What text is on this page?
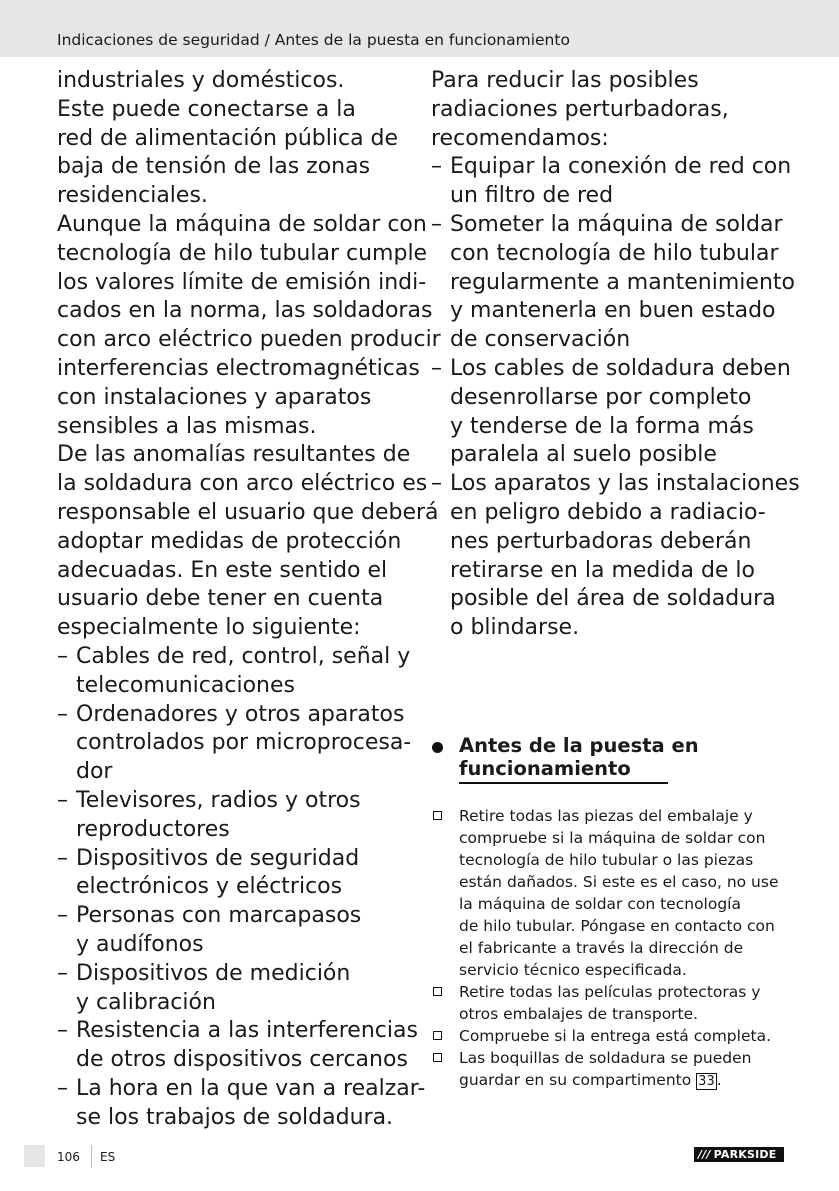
Indicaciones de seguridad / Antes de la puesta en funcionamiento

industriales y domésticos.
Este puede conectarse a la
red de alimentación pública de
baja de tensión de las zonas
residenciales.

Aunque la máquina de soldar con
tecnología de hilo tubular cumple
los valores límite de emisión indi-
cados en la norma, las soldadoras
con arco eléctrico pueden producir
interferencias electromagnéticas
con instalaciones y aparatos
sensibles a las mismas.

De las anomalías resultantes de
la soldadura con arco eléctrico es
responsable el usuario que deberá
adoptar medidas de protección
adecuadas. En este sentido el
usuario debe tener en cuenta
especialmente lo siguiente:

– Cables de red, control, señal y
telecomunicaciones

– Ordenadores y otros aparatos
controlados por microprocesa-
dor

– Televisores, radios y otros
reproductores

– Dispositivos de seguridad
electrónicos y eléctricos

– Personas con marcapasos
y audífonos

– Dispositivos de medición
y calibración

– Resistencia a las interferencias
de otros dispositivos cercanos

– La hora en la que van a realzar-
se los trabajos de soldadura.

Para reducir las posibles
radiaciones perturbadoras,
recomendamos:

– Equipar la conexión de red con
un filtro de red

– Someter la máquina de soldar
con tecnología de hilo tubular
regularmente a mantenimiento
y mantenerla en buen estado
de conservación

– Los cables de soldadura deben
desenrollarse por completo
y tenderse de la forma más
paralela al suelo posible

– Los aparatos y las instalaciones
en peligro debido a radiacio-
nes perturbadoras deberán
retirarse en la medida de lo
posible del área de soldadura
o blindarse.

Antes de la puesta en
funcionamiento
Retire todas las piezas del embalaje y
compruebe si la máquina de soldar con
tecnología de hilo tubular o las piezas
están dañados. Si este es el caso, no use
la máquina de soldar con tecnología
de hilo tubular. Póngase en contacto con
el fabricante a través la dirección de
servicio técnico especificada.
Retire todas las películas protectoras y
otros embalajes de transporte.
Compruebe si la entrega está completa.
Las boquillas de soldadura se pueden
guardar en su compartimento 33 .
106 ES	/// PARKSIDE
